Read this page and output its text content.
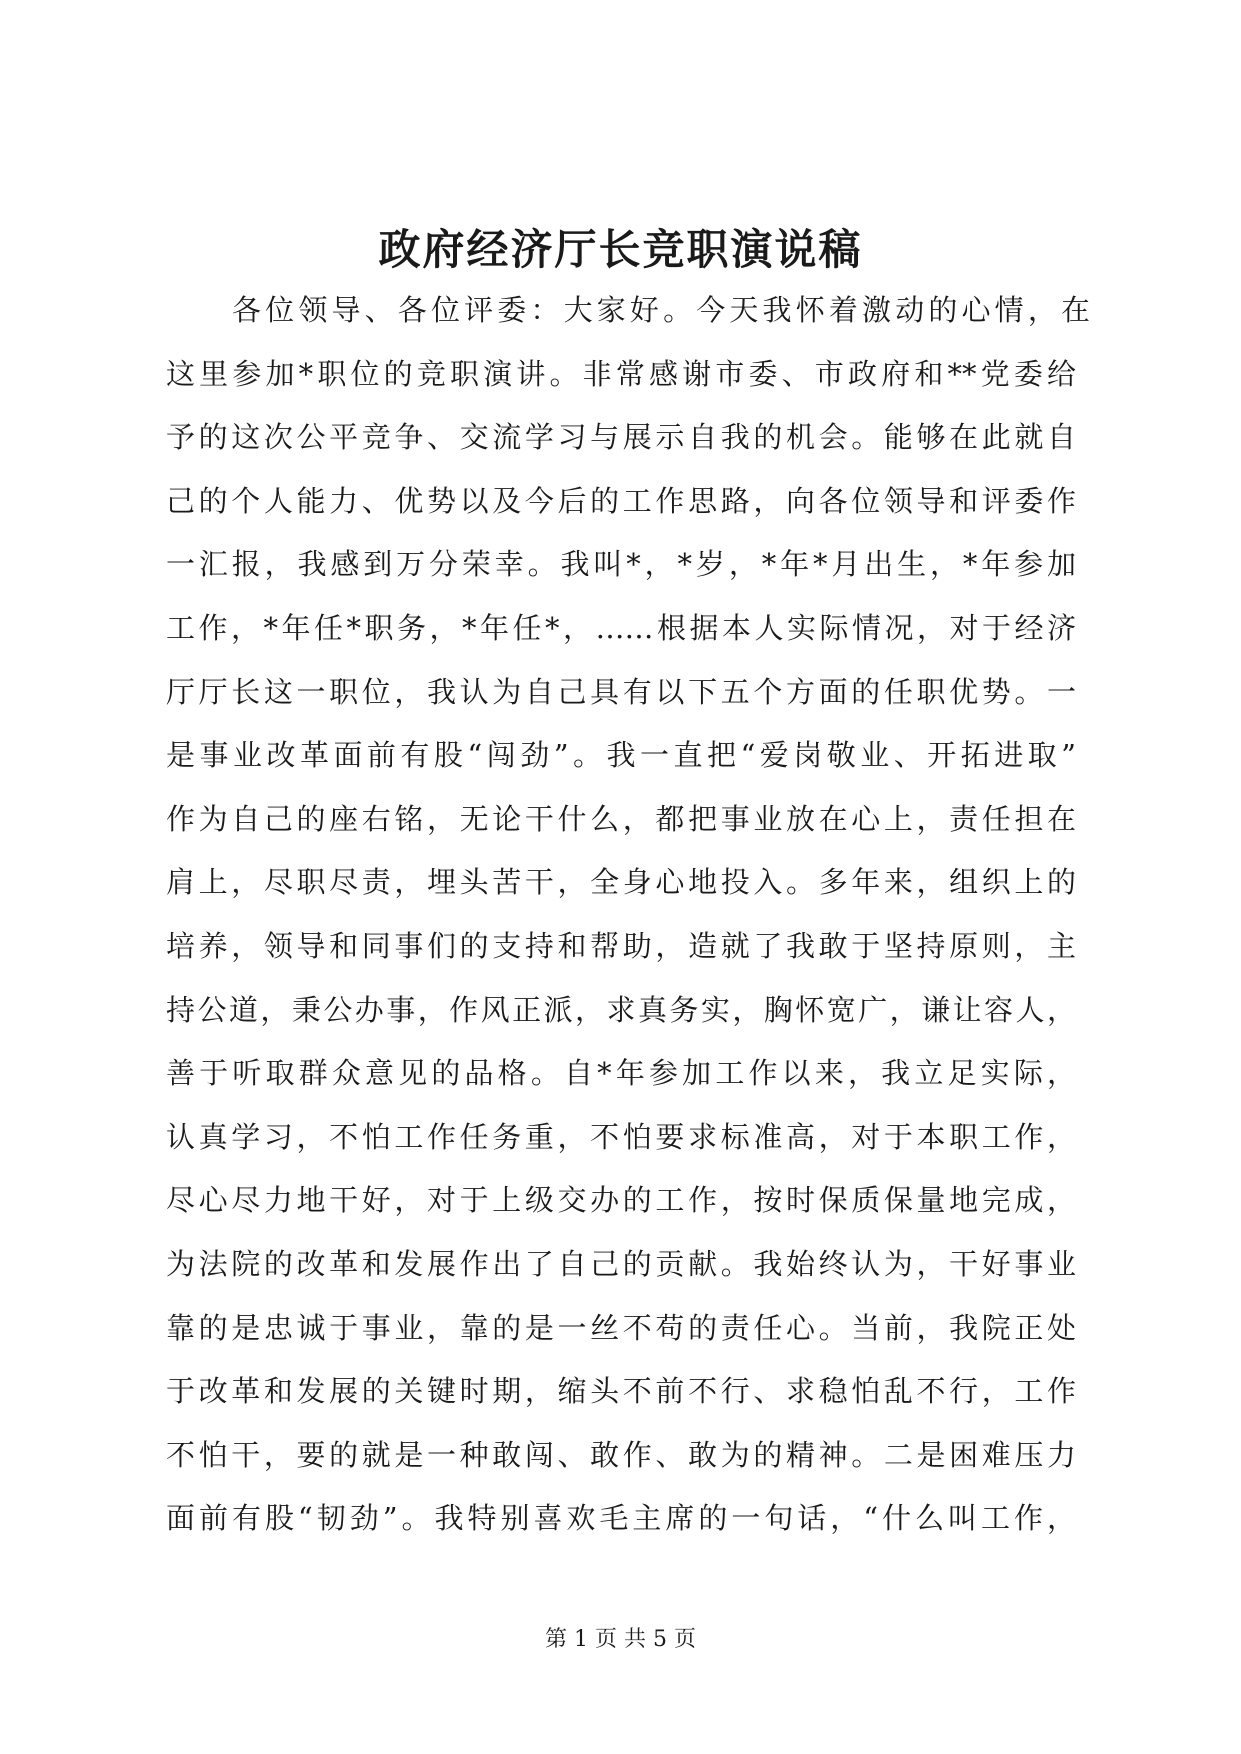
政府经济厅长竞职演说稿
各位领导、各位评委：大家好。今天我怀着激动的心情，在
这里参加*职位的竞职演讲。非常感谢市委、市政府和**党委给
予的这次公平竞争、交流学习与展示自我的机会。能够在此就自
己的个人能力、优势以及今后的工作思路，向各位领导和评委作
一汇报，我感到万分荣幸。我叫*，*岁，*年*月出生，*年参加
工作，*年任*职务，*年任*，……根据本人实际情况，对于经济
厅厅长这一职位，我认为自己具有以下五个方面的任职优势。一
是事业改革面前有股“闯劲”。我一直把“爱岗敬业、开拓进取”
作为自己的座右铭，无论干什么，都把事业放在心上，责任担在
肩上，尽职尽责，埋头苦干，全身心地投入。多年来，组织上的
培养，领导和同事们的支持和帮助，造就了我敢于坚持原则，主
持公道，秉公办事，作风正派，求真务实，胸怀宽广，谦让容人，
善于听取群众意见的品格。自*年参加工作以来，我立足实际，
认真学习，不怕工作任务重，不怕要求标准高，对于本职工作，
尽心尽力地干好，对于上级交办的工作，按时保质保量地完成，
为法院的改革和发展作出了自己的贡献。我始终认为，干好事业
靠的是忠诚于事业，靠的是一丝不苟的责任心。当前，我院正处
于改革和发展的关键时期，缩头不前不行、求稳怕乱不行，工作
不怕干，要的就是一种敢闯、敢作、敢为的精神。二是困难压力
面前有股“韧劲”。我特别喜欢毛主席的一句话，“什么叫工作，
第 1 页 共 5 页
